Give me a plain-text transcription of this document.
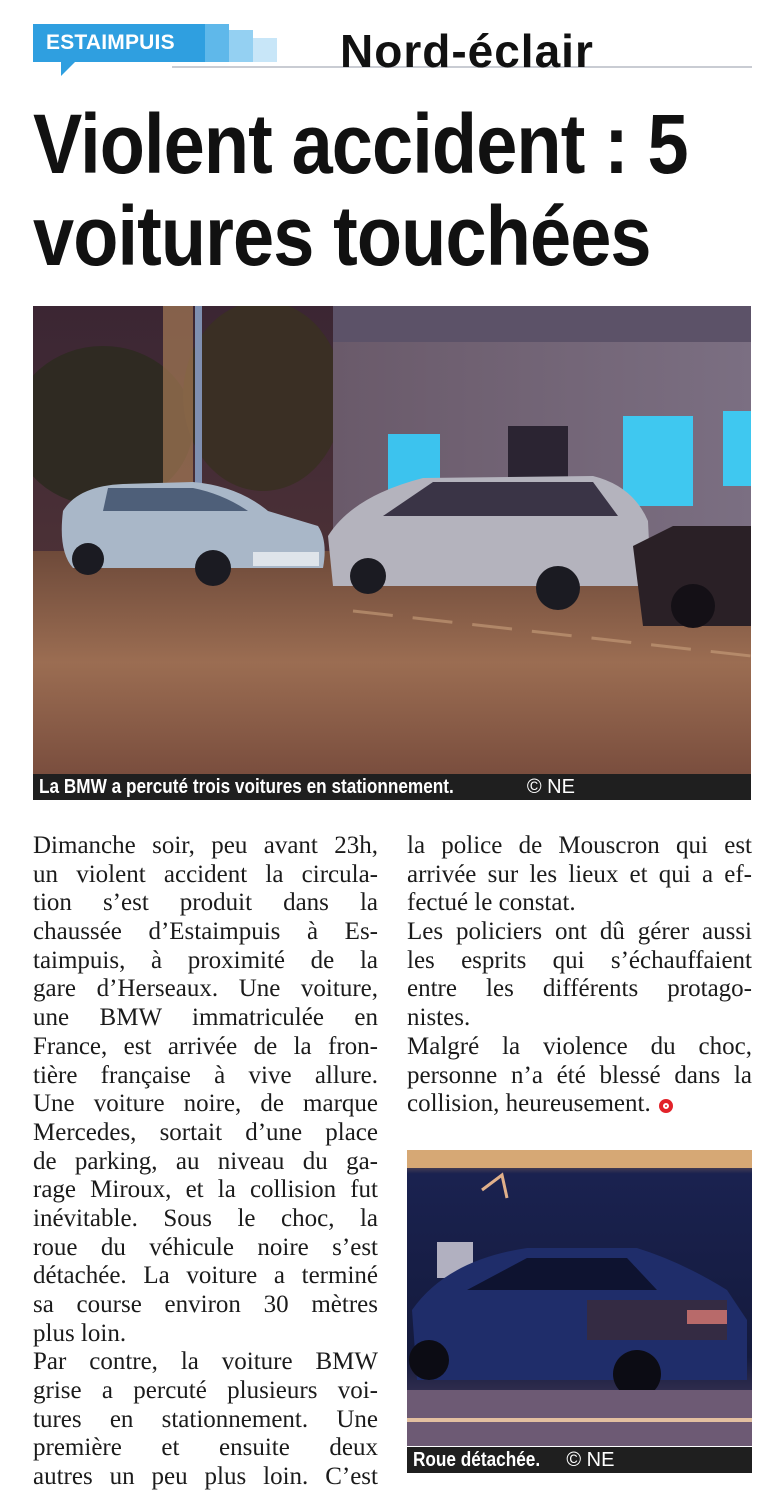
ESTAIMPUIS	Nord-éclair
Violent accident : 5
voitures touchées
La BMW a percuté trois voitures en stationnement.	© NE
Dimanche soir, peu avant 23h,
un violent accident la circula-
tion s’est produit dans la
chaussée d’Estaimpuis à Es-
taimpuis, à proximité de la
gare d’Herseaux. Une voiture,
une BMW immatriculée en
France, est arrivée de la fron-
tière française à vive allure.
Une voiture noire, de marque
Mercedes, sortait d’une place
de parking, au niveau du ga-
rage Miroux, et la collision fut
inévitable. Sous le choc, la
roue du véhicule noire s’est
détachée. La voiture a terminé
sa course environ 30 mètres
plus loin.
Par contre, la voiture BMW
grise a percuté plusieurs voi-
tures en stationnement. Une
première et ensuite deux
autres un peu plus loin. C’est
la police de Mouscron qui est
arrivée sur les lieux et qui a ef-
fectué le constat.
Les policiers ont dû gérer aussi
les esprits qui s’échauffaient
entre les différents protago-
nistes.
Malgré la violence du choc,
personne n’a été blessé dans la
collision, heureusement.
Roue détachée. © NE
